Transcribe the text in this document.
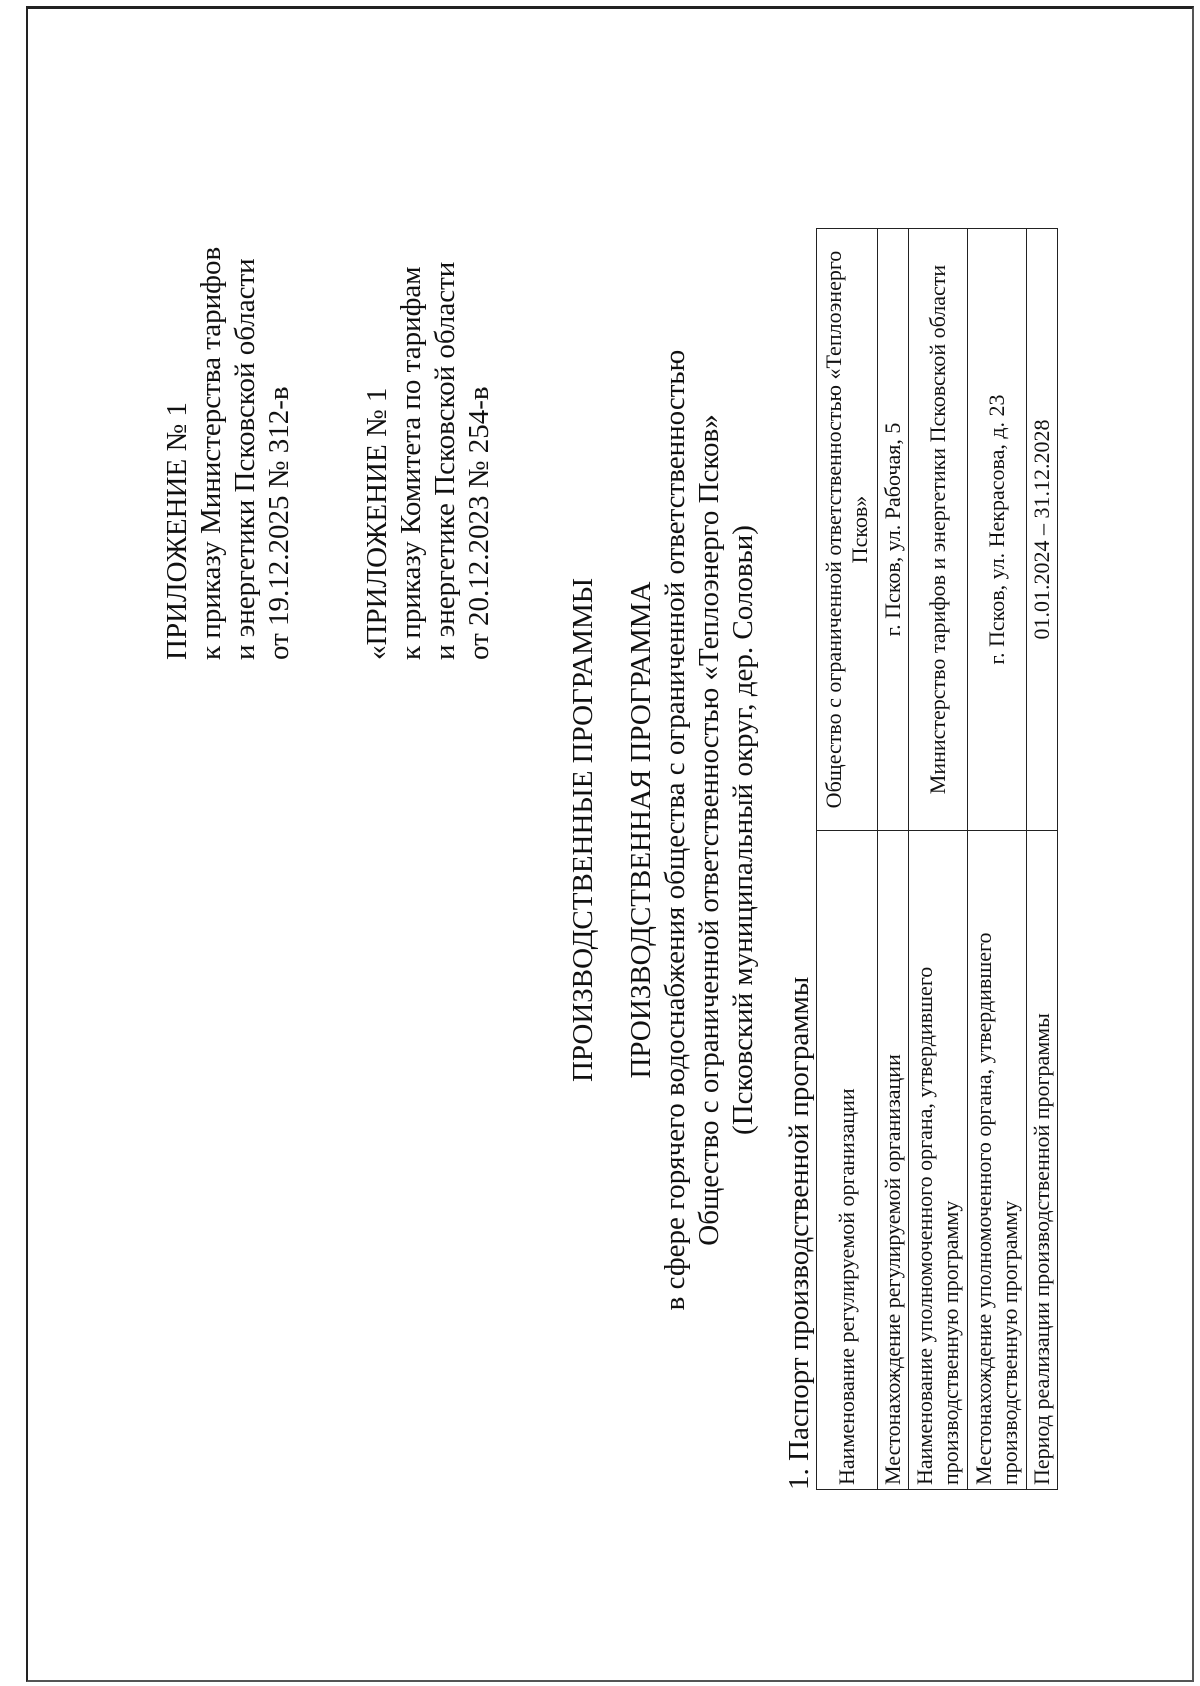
ПРИЛОЖЕНИЕ № 1
к приказу Министерства тарифов
и энергетики Псковской области
от 19.12.2025 № 312-в
«ПРИЛОЖЕНИЕ № 1
к приказу Комитета по тарифам
и энергетике Псковской области
от 20.12.2023 № 254-в
ПРОИЗВОДСТВЕННЫЕ ПРОГРАММЫ ПРОИЗВОДСТВЕННАЯ ПРОГРАММА в сфере горячего водоснабжения общества с ограниченной ответственностью Общество с ограниченной ответственностью «Теплоэнерго Псков» (Псковский муниципальный округ, дер. Соловьи)
1. Паспорт производственной программы Наименование регулируемой организации	Общество с ограниченной ответственностью «Теплоэнерго Псков»
Местонахождение регулируемой организации	г. Псков, ул. Рабочая, 5
Наименование уполномоченного органа, утвердившего производственную программу	Министерство тарифов и энергетики Псковской области
Местонахождение уполномоченного органа, утвердившего производственную программу	г. Псков, ул. Некрасова, д. 23
Период реализации производственной программы	01.01.2024 – 31.12.2028
